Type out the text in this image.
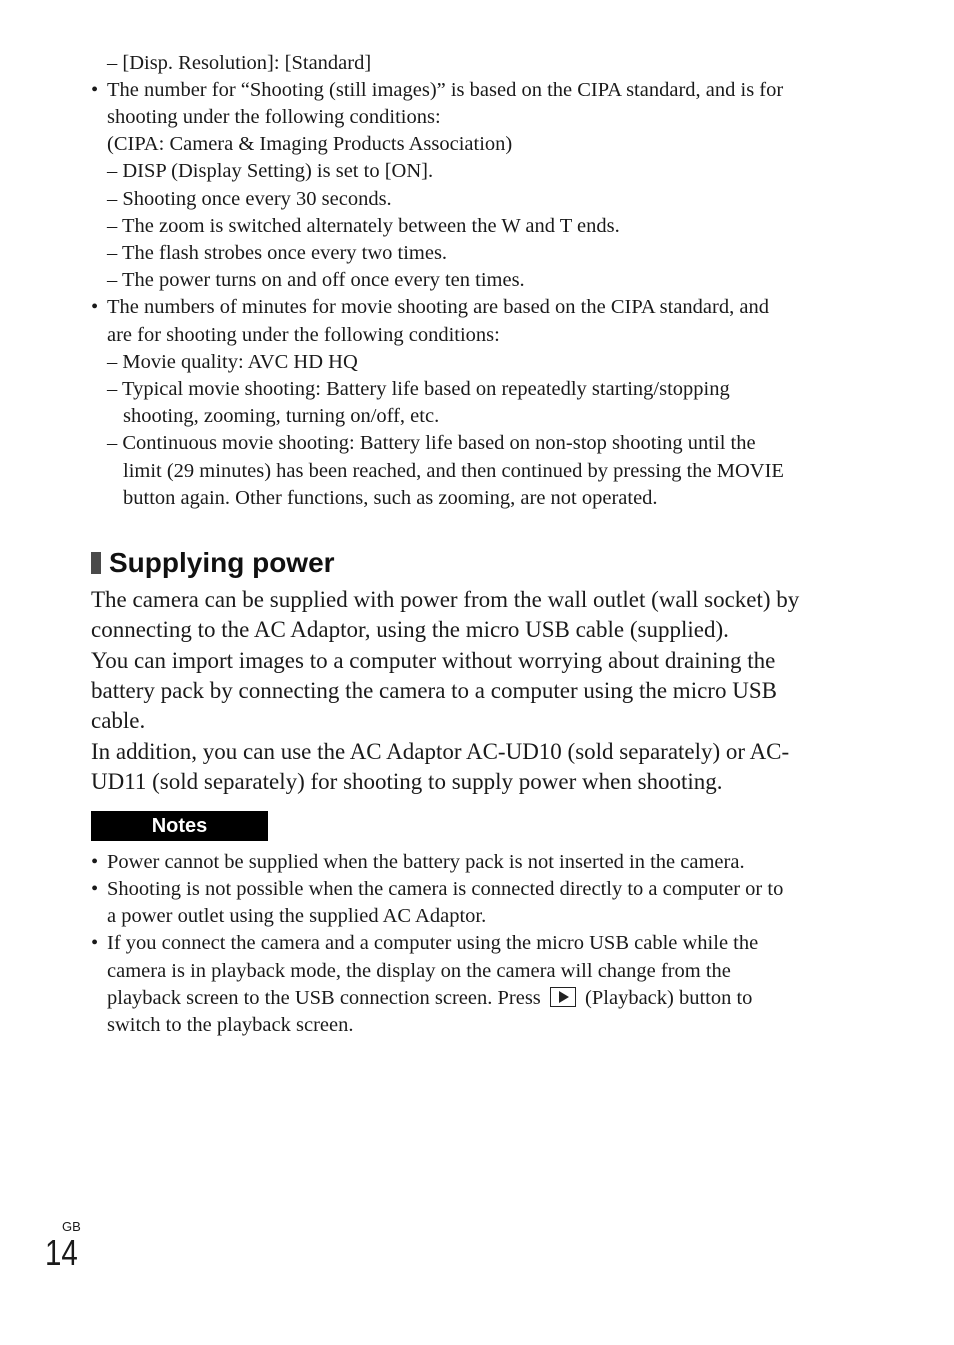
– [Disp. Resolution]: [Standard]
• The number for “Shooting (still images)” is based on the CIPA standard, and is for
shooting under the following conditions:
(CIPA: Camera & Imaging Products Association)
– DISP (Display Setting) is set to [ON].
– Shooting once every 30 seconds.
– The zoom is switched alternately between the W and T ends.
– The flash strobes once every two times.
– The power turns on and off once every ten times.
• The numbers of minutes for movie shooting are based on the CIPA standard, and
are for shooting under the following conditions:
– Movie quality: AVC HD HQ
– Typical movie shooting: Battery life based on repeatedly starting/stopping
shooting, zooming, turning on/off, etc.
– Continuous movie shooting: Battery life based on non-stop shooting until the
limit (29 minutes) has been reached, and then continued by pressing the MOVIE
button again. Other functions, such as zooming, are not operated.
Supplying power
The camera can be supplied with power from the wall outlet (wall socket) by
connecting to the AC Adaptor, using the micro USB cable (supplied).
You can import images to a computer without worrying about draining the
battery pack by connecting the camera to a computer using the micro USB
cable.
In addition, you can use the AC Adaptor AC-UD10 (sold separately) or AC-
UD11 (sold separately) for shooting to supply power when shooting.
Notes
• Power cannot be supplied when the battery pack is not inserted in the camera.
• Shooting is not possible when the camera is connected directly to a computer or to
a power outlet using the supplied AC Adaptor.
• If you connect the camera and a computer using the micro USB cable while the
camera is in playback mode, the display on the camera will change from the
playback screen to the USB connection screen. Press (Playback) button to
switch to the playback screen.
GB
14
